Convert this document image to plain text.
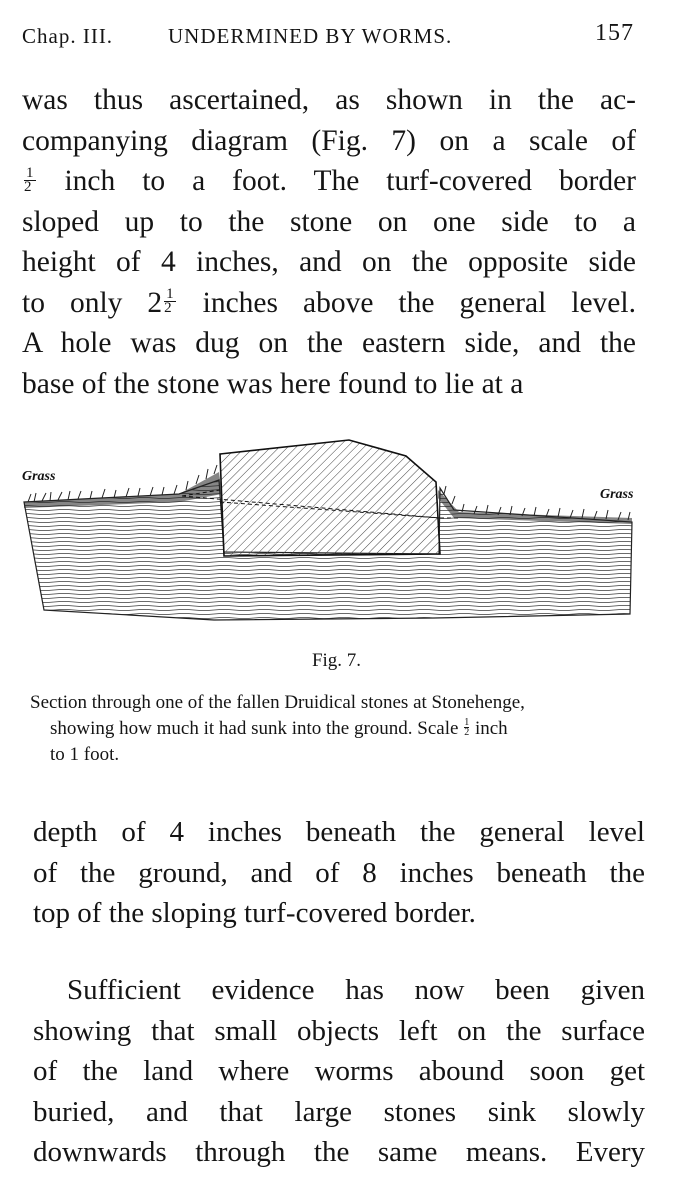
Chap. III.	UNDERMINED BY WORMS.	157
was thus ascertained, as shown in the ac-
companying diagram (Fig. 7) on a scale of
$\frac{1}{2}$ inch to a foot. The turf-covered border
sloped up to the stone on one side to a
height of 4 inches, and on the opposite side
to only $2 \frac{1}{2}$ inches above the general level.
A hole was dug on the eastern side, and the
base of the stone was here found to lie at a
Grass
Grass
Fig. 7.
Section through one of the fallen Druidical stones at Stonehenge,
showing how much it had sunk into the ground. Scale $\frac{1}{2}$ inch
to 1 foot.
depth of 4 inches beneath the general level
of the ground, and of 8 inches beneath the
top of the sloping turf-covered border.
Sufficient evidence has now been given
showing that small objects left on the surface
of the land where worms abound soon get
buried, and that large stones sink slowly
downwards through the same means. Every
